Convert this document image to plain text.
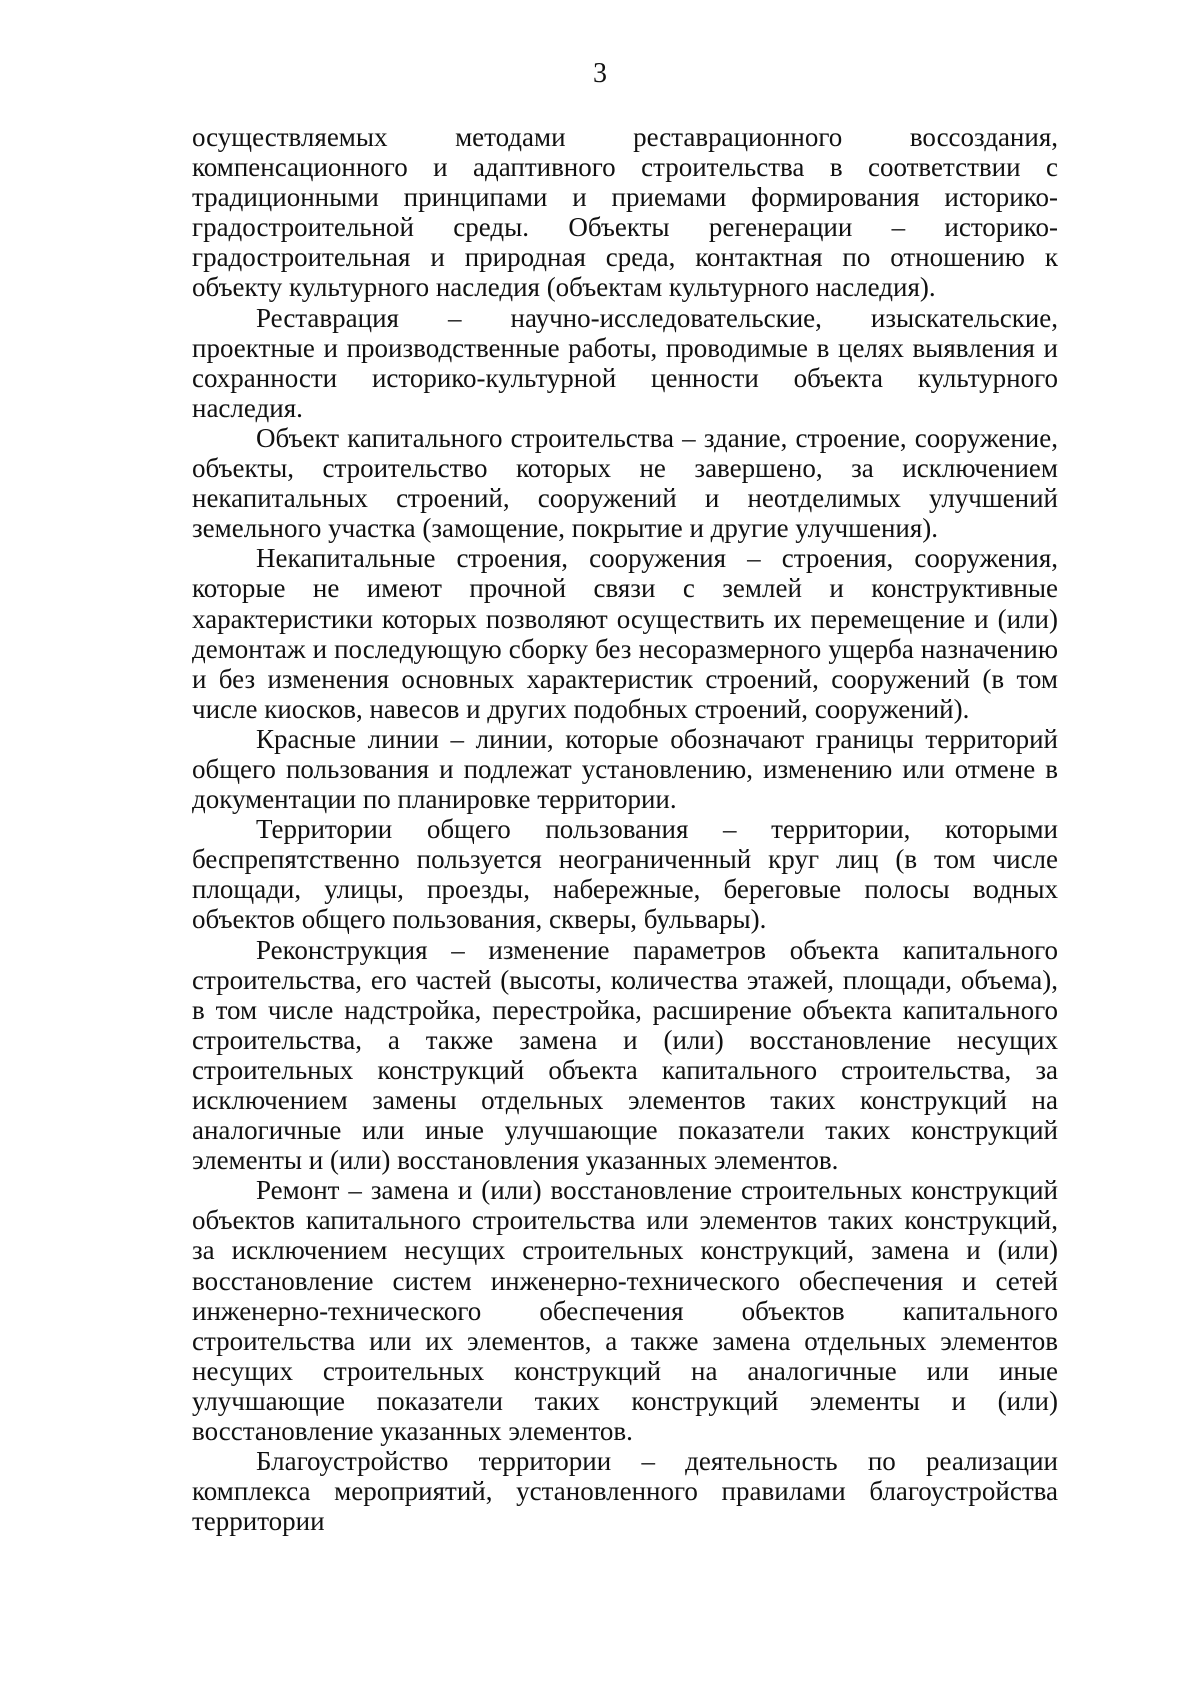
3

осуществляемых методами реставрационного воссоздания, компенсационного и адаптивного строительства в соответствии с традиционными принципами и приемами формирования историко-градостроительной среды. Объекты регенерации – историко-градостроительная и природная среда, контактная по отношению к объекту культурного наследия (объектам культурного наследия).

Реставрация – научно-исследовательские, изыскательские, проектные и производственные работы, проводимые в целях выявления и сохранности историко-культурной ценности объекта культурного наследия.

Объект капитального строительства – здание, строение, сооружение, объекты, строительство которых не завершено, за исключением некапитальных строений, сооружений и неотделимых улучшений земельного участка (замощение, покрытие и другие улучшения).

Некапитальные строения, сооружения – строения, сооружения, которые не имеют прочной связи с землей и конструктивные характеристики которых позволяют осуществить их перемещение и (или) демонтаж и последующую сборку без несоразмерного ущерба назначению и без изменения основных характеристик строений, сооружений (в том числе киосков, навесов и других подобных строений, сооружений).

Красные линии – линии, которые обозначают границы территорий общего пользования и подлежат установлению, изменению или отмене в документации по планировке территории.

Территории общего пользования – территории, которыми беспрепятственно пользуется неограниченный круг лиц (в том числе площади, улицы, проезды, набережные, береговые полосы водных объектов общего пользования, скверы, бульвары).

Реконструкция – изменение параметров объекта капитального строительства, его частей (высоты, количества этажей, площади, объема), в том числе надстройка, перестройка, расширение объекта капитального строительства, а также замена и (или) восстановление несущих строительных конструкций объекта капитального строительства, за исключением замены отдельных элементов таких конструкций на аналогичные или иные улучшающие показатели таких конструкций элементы и (или) восстановления указанных элементов.

Ремонт – замена и (или) восстановление строительных конструкций объектов капитального строительства или элементов таких конструкций, за исключением несущих строительных конструкций, замена и (или) восстановление систем инженерно-технического обеспечения и сетей инженерно-технического обеспечения объектов капитального строительства или их элементов, а также замена отдельных элементов несущих строительных конструкций на аналогичные или иные улучшающие показатели таких конструкций элементы и (или) восстановление указанных элементов.

Благоустройство территории – деятельность по реализации комплекса мероприятий, установленного правилами благоустройства территории
